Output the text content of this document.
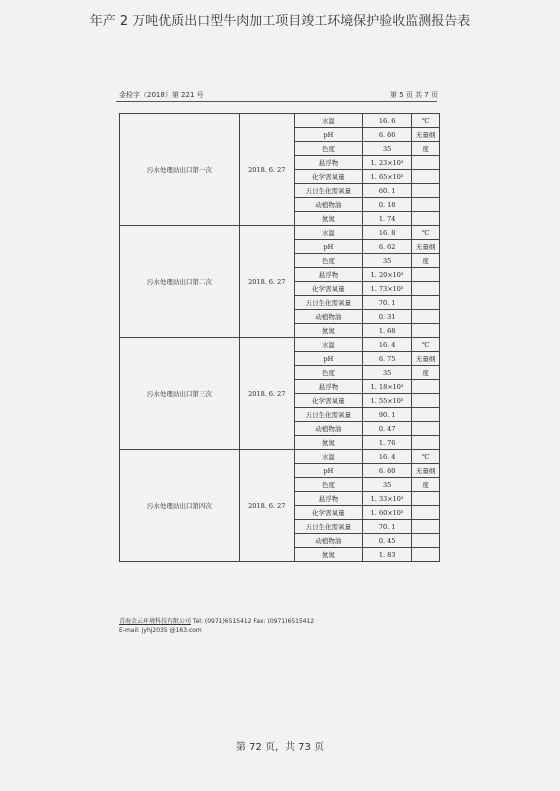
年产 2 万吨优质出口型牛肉加工项目竣工环境保护验收监测报告表
金检字（2018）第 221 号	第 5 页 共 7 页
污水处理站出口第一次	2018. 6. 27	水温	16. 6	℃
		pH	6. 66	无量纲
		色度	35	度
		悬浮物	1. 23×10³	
		化学需氧量	1. 65×10³	
		五日生化需氧量	60. 1	
		动植物油	0. 18	
		氨氮	1. 74	
污水处理站出口第二次	2018. 6. 27	水温	16. 8	℃
		pH	6. 62	无量纲
		色度	35	度
		悬浮物	1. 20×10³	
		化学需氧量	1. 73×10³	
		五日生化需氧量	70. 1	
		动植物油	0. 31	
		氨氮	1. 68	
污水处理站出口第三次	2018. 6. 27	水温	16. 4	℃
		pH	6. 75	无量纲
		色度	35	度
		悬浮物	1. 18×10³	
		化学需氧量	1. 55×10³	
		五日生化需氧量	90. 1	
		动植物油	0. 47	
		氨氮	1. 76	
污水处理站出口第四次	2018. 6. 27	水温	16. 4	℃
		pH	6. 60	无量纲
		色度	35	度
		悬浮物	1. 33×10³	
		化学需氧量	1. 60×10³	
		五日生化需氧量	70. 1	
		动植物油	0. 45	
		氨氮	1. 83	
青海金云环境科技有限公司 Tel: (0971)6515412 Fax: (0971)6515412
E-mail: jyhj2035 @163.com
第 72 页，共 73 页
